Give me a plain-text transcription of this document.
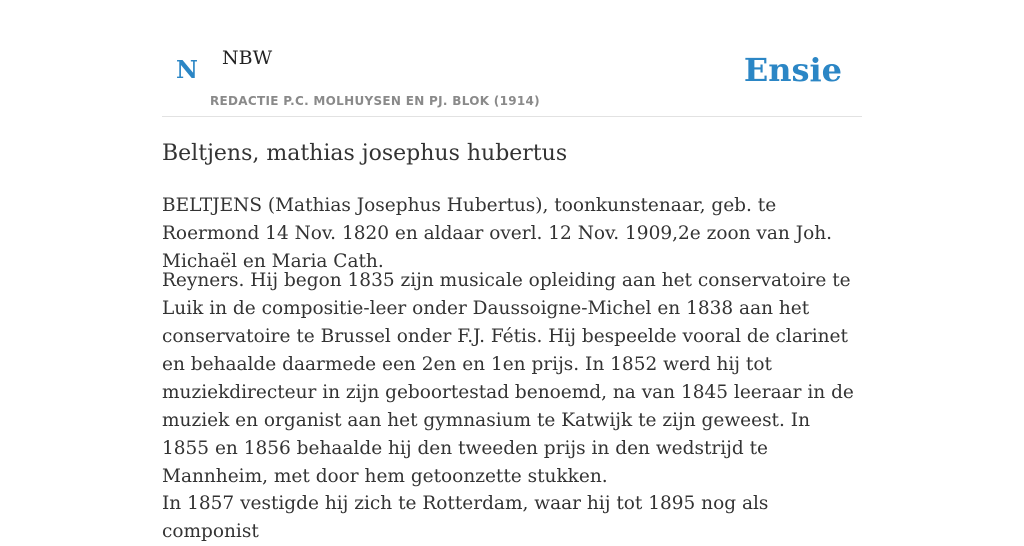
N NBW
REDACTIE P.C. MOLHUYSEN EN PJ. BLOK (1914)
Ensie
Beltjens, mathias josephus hubertus

BELTJENS (Mathias Josephus Hubertus), toonkunstenaar, geb. te Roermond 14 Nov. 1820 en aldaar overl. 12 Nov. 1909,2e zoon van Joh. Michaël en Maria Cath.

Reyners. Hij begon 1835 zijn musicale opleiding aan het conservatoire te Luik in de compositie-leer onder Daussoigne-Michel en 1838 aan het conservatoire te Brussel onder F.J. Fétis. Hij bespeelde vooral de clarinet en behaalde daarmede een 2en en 1en prijs. In 1852 werd hij tot muziekdirecteur in zijn geboortestad benoemd, na van 1845 leeraar in de muziek en organist aan het gymnasium te Katwijk te zijn geweest. In 1855 en 1856 behaalde hij den tweeden prijs in den wedstrijd te Mannheim, met door hem getoonzette stukken.

In 1857 vestigde hij zich te Rotterdam, waar hij tot 1895 nog als componist
